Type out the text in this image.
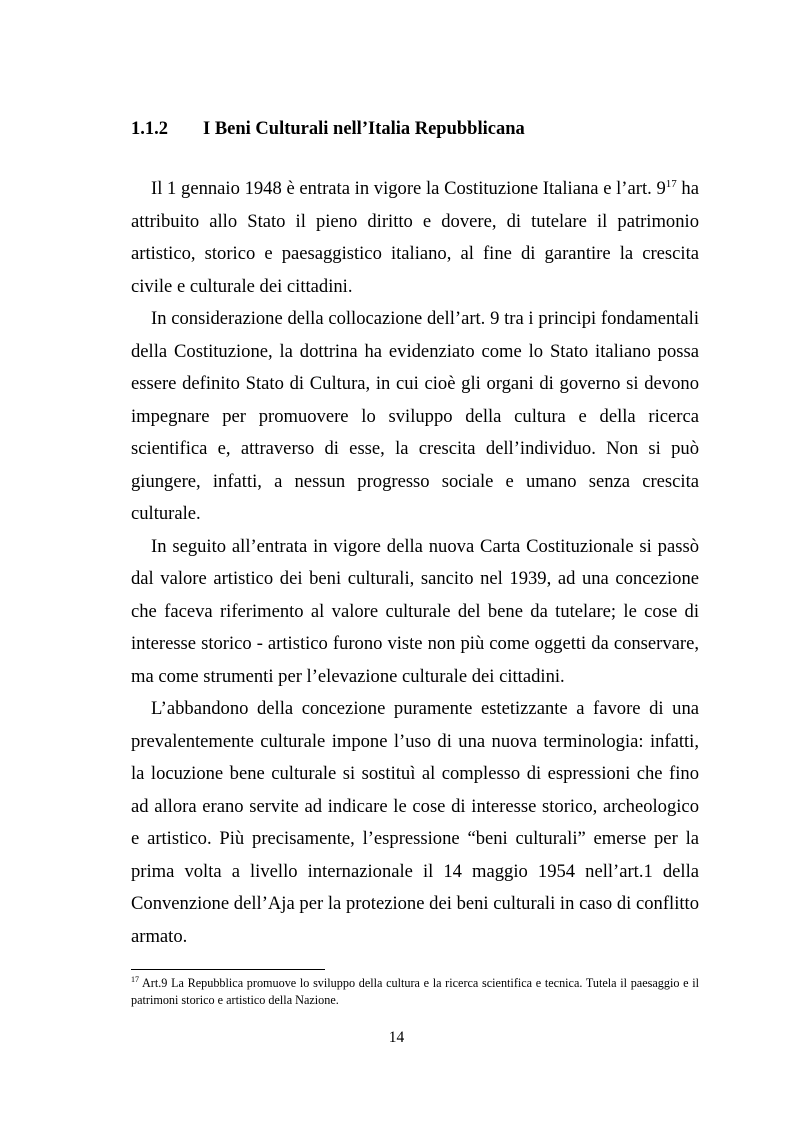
1.1.2 I Beni Culturali nell’Italia Repubblicana

Il 1 gennaio 1948 è entrata in vigore la Costituzione Italiana e l’art. $9^{17}$ ha attribuito allo Stato il pieno diritto e dovere, di tutelare il patrimonio artistico, storico e paesaggistico italiano, al fine di garantire la crescita civile e culturale dei cittadini.

In considerazione della collocazione dell’art. 9 tra i principi fondamentali della Costituzione, la dottrina ha evidenziato come lo Stato italiano possa essere definito Stato di Cultura, in cui cioè gli organi di governo si devono impegnare per promuovere lo sviluppo della cultura e della ricerca scientifica e, attraverso di esse, la crescita dell’individuo. Non si può giungere, infatti, a nessun progresso sociale e umano senza crescita culturale.

In seguito all’entrata in vigore della nuova Carta Costituzionale si passò dal valore artistico dei beni culturali, sancito nel 1939, ad una concezione che faceva riferimento al valore culturale del bene da tutelare; le cose di interesse storico - artistico furono viste non più come oggetti da conservare, ma come strumenti per l’elevazione culturale dei cittadini.

L’abbandono della concezione puramente estetizzante a favore di una prevalentemente culturale impone l’uso di una nuova terminologia: infatti, la locuzione bene culturale si sostituì al complesso di espressioni che fino ad allora erano servite ad indicare le cose di interesse storico, archeologico e artistico. Più precisamente, l’espressione “beni culturali” emerse per la prima volta a livello internazionale il 14 maggio 1954 nell’art.1 della Convenzione dell’Aja per la protezione dei beni culturali in caso di conflitto armato.

$^{17}$ Art.9 La Repubblica promuove lo sviluppo della cultura e la ricerca scientifica e tecnica. Tutela il paesaggio e il patrimoni storico e artistico della Nazione.
14
